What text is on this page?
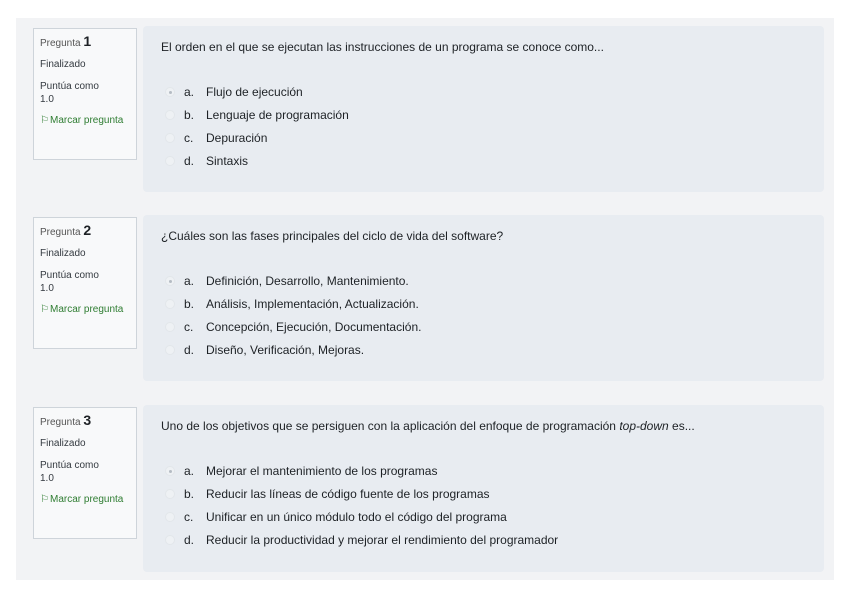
Pregunta 1
Finalizado
Puntúa como
1.0
⚐Marcar pregunta
El orden en el que se ejecutan las instrucciones de un programa se conoce como...
a. Flujo de ejecución
b. Lenguaje de programación
c.	Depuración
d. Sintaxis
Pregunta 2
Finalizado
Puntúa como
1.0
⚐Marcar pregunta
¿Cuáles son las fases principales del ciclo de vida del software?
a. Definición, Desarrollo, Mantenimiento.
b. Análisis, Implementación, Actualización.
c.	Concepción, Ejecución, Documentación.
d. Diseño, Verificación, Mejoras.
Pregunta 3
Finalizado
Puntúa como
1.0
⚐Marcar pregunta
Uno de los objetivos que se persiguen con la aplicación del enfoque de programación top-down es...
a. Mejorar el mantenimiento de los programas
b. Reducir las líneas de código fuente de los programas
c.	Unificar en un único módulo todo el código del programa
d. Reducir la productividad y mejorar el rendimiento del programador
